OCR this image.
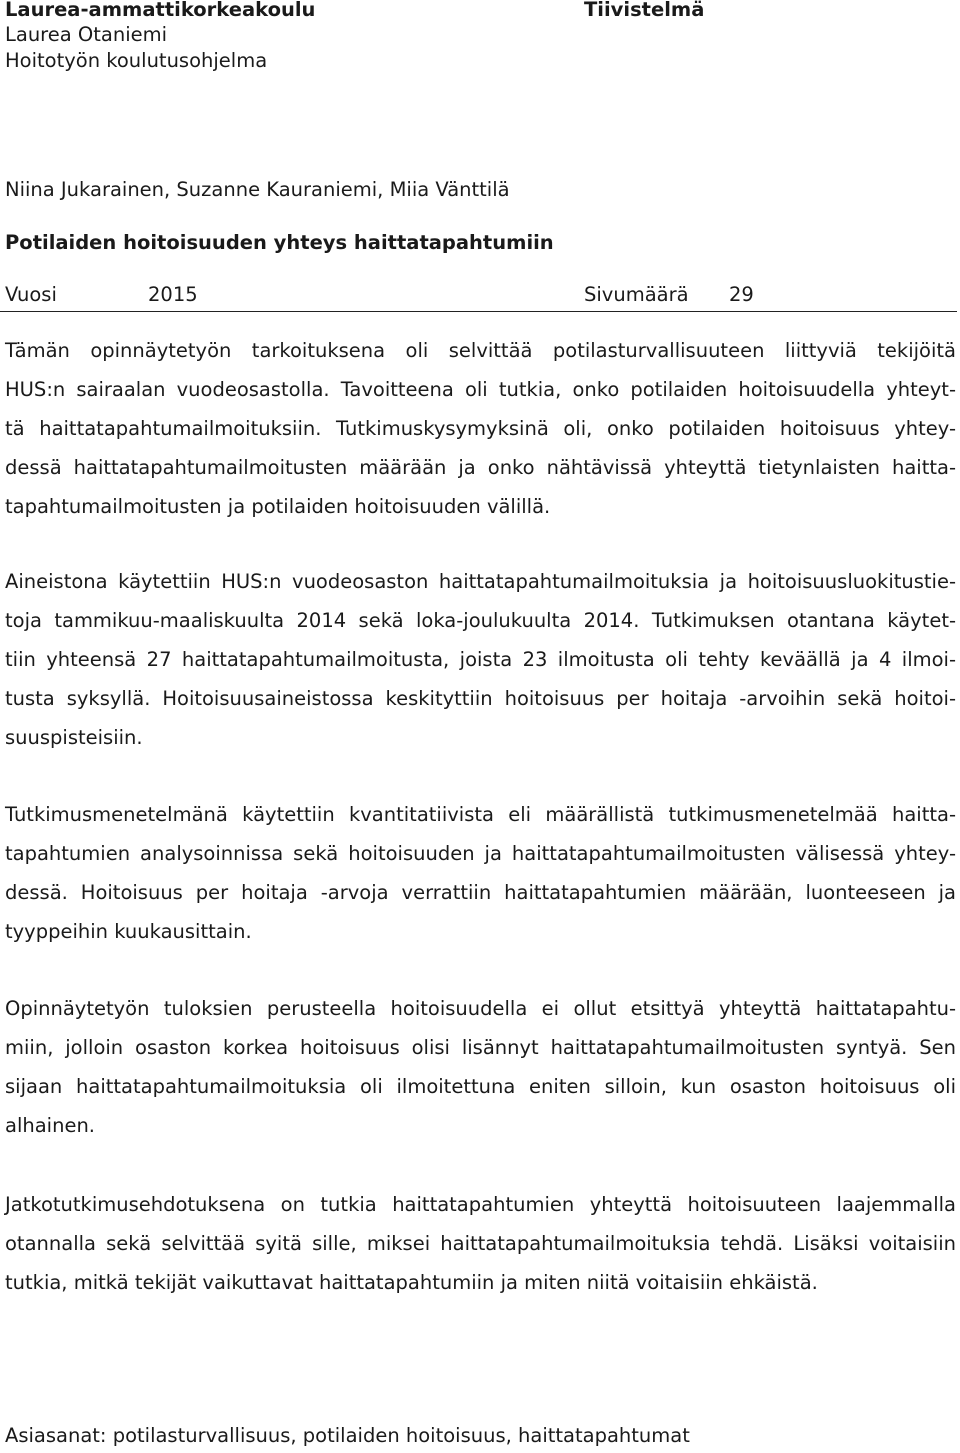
Laurea-ammattikorkeakoulu
Laurea Otaniemi
Hoitotyön koulutusohjelma
Tiivistelmä
Niina Jukarainen, Suzanne Kauraniemi, Miia Vänttilä
Potilaiden hoitoisuuden yhteys haittatapahtumiin
Vuosi	2015	Sivumäärä 29
Tämän opinnäytetyön tarkoituksena oli selvittää potilasturvallisuuteen liittyviä tekijöitä
HUS:n sairaalan vuodeosastolla. Tavoitteena oli tutkia, onko potilaiden hoitoisuudella yhteyt-
tä haittatapahtumailmoituksiin. Tutkimuskysymyksinä oli, onko potilaiden hoitoisuus yhtey-
dessä haittatapahtumailmoitusten määrään ja onko nähtävissä yhteyttä tietynlaisten haitta-
tapahtumailmoitusten ja potilaiden hoitoisuuden välillä.
Aineistona käytettiin HUS:n vuodeosaston haittatapahtumailmoituksia ja hoitoisuusluokitustie-
toja tammikuu-maaliskuulta 2014 sekä loka-joulukuulta 2014. Tutkimuksen otantana käytet-
tiin yhteensä 27 haittatapahtumailmoitusta, joista 23 ilmoitusta oli tehty keväällä ja 4 ilmoi-
tusta syksyllä. Hoitoisuusaineistossa keskityttiin hoitoisuus per hoitaja -arvoihin sekä hoitoi-
suuspisteisiin.
Tutkimusmenetelmänä käytettiin kvantitatiivista eli määrällistä tutkimusmenetelmää haitta-
tapahtumien analysoinnissa sekä hoitoisuuden ja haittatapahtumailmoitusten välisessä yhtey-
dessä. Hoitoisuus per hoitaja -arvoja verrattiin haittatapahtumien määrään, luonteeseen ja
tyyppeihin kuukausittain.
Opinnäytetyön tuloksien perusteella hoitoisuudella ei ollut etsittyä yhteyttä haittatapahtu-
miin, jolloin osaston korkea hoitoisuus olisi lisännyt haittatapahtumailmoitusten syntyä. Sen
sijaan haittatapahtumailmoituksia oli ilmoitettuna eniten silloin, kun osaston hoitoisuus oli
alhainen.
Jatkotutkimusehdotuksena on tutkia haittatapahtumien yhteyttä hoitoisuuteen laajemmalla
otannalla sekä selvittää syitä sille, miksei haittatapahtumailmoituksia tehdä. Lisäksi voitaisiin
tutkia, mitkä tekijät vaikuttavat haittatapahtumiin ja miten niitä voitaisiin ehkäistä.
Asiasanat: potilasturvallisuus, potilaiden hoitoisuus, haittatapahtumat
